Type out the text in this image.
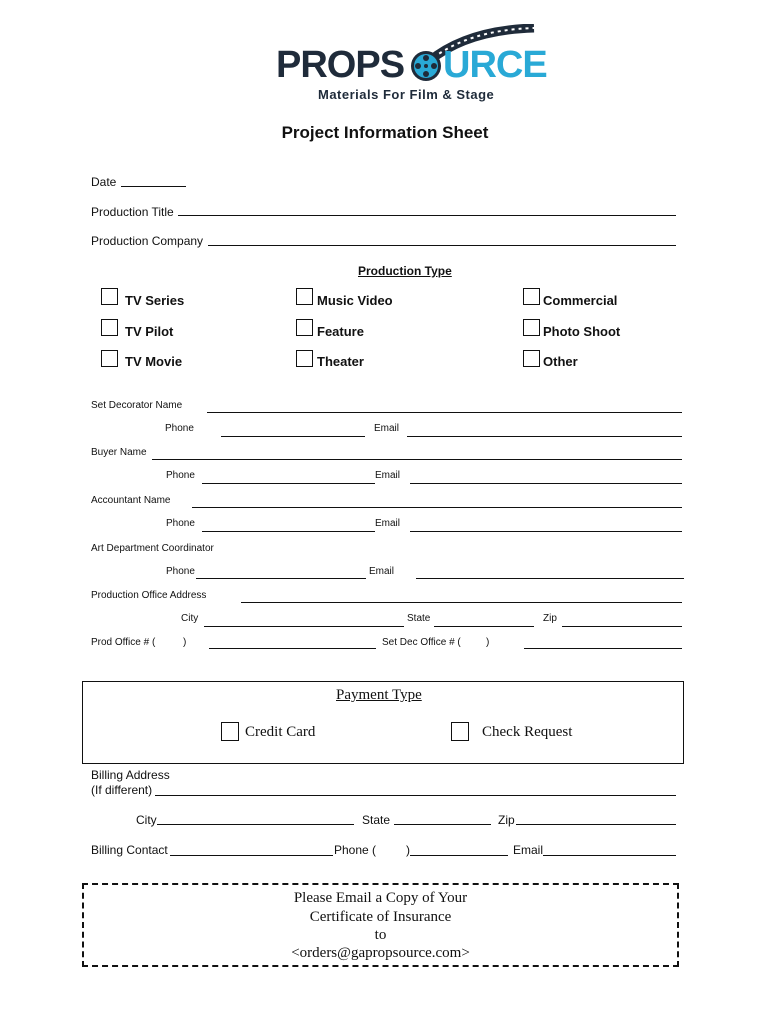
PROPS URCE
Materials For Film & Stage
Project Information Sheet
Date
Production Title
Production Company
Production Type
TV Series	Music Video	Commercial
TV Pilot	Feature	Photo Shoot
TV Movie	Theater	Other
Set Decorator Name
Phone	Email
Buyer Name
Phone	Email
Accountant Name
Phone	Email
Art Department Coordinator
Phone	Email
Production Office Address
City	State	Zip
Prod Office # (	)	Set Dec Office # (	)
Payment Type
Credit Card	Check Request
Billing Address
(If different)
City	State	Zip
Billing Contact	Phone ( )	Email
Please Email a Copy of Your
Certificate of Insurance
to
<orders@gapropsource.com>
